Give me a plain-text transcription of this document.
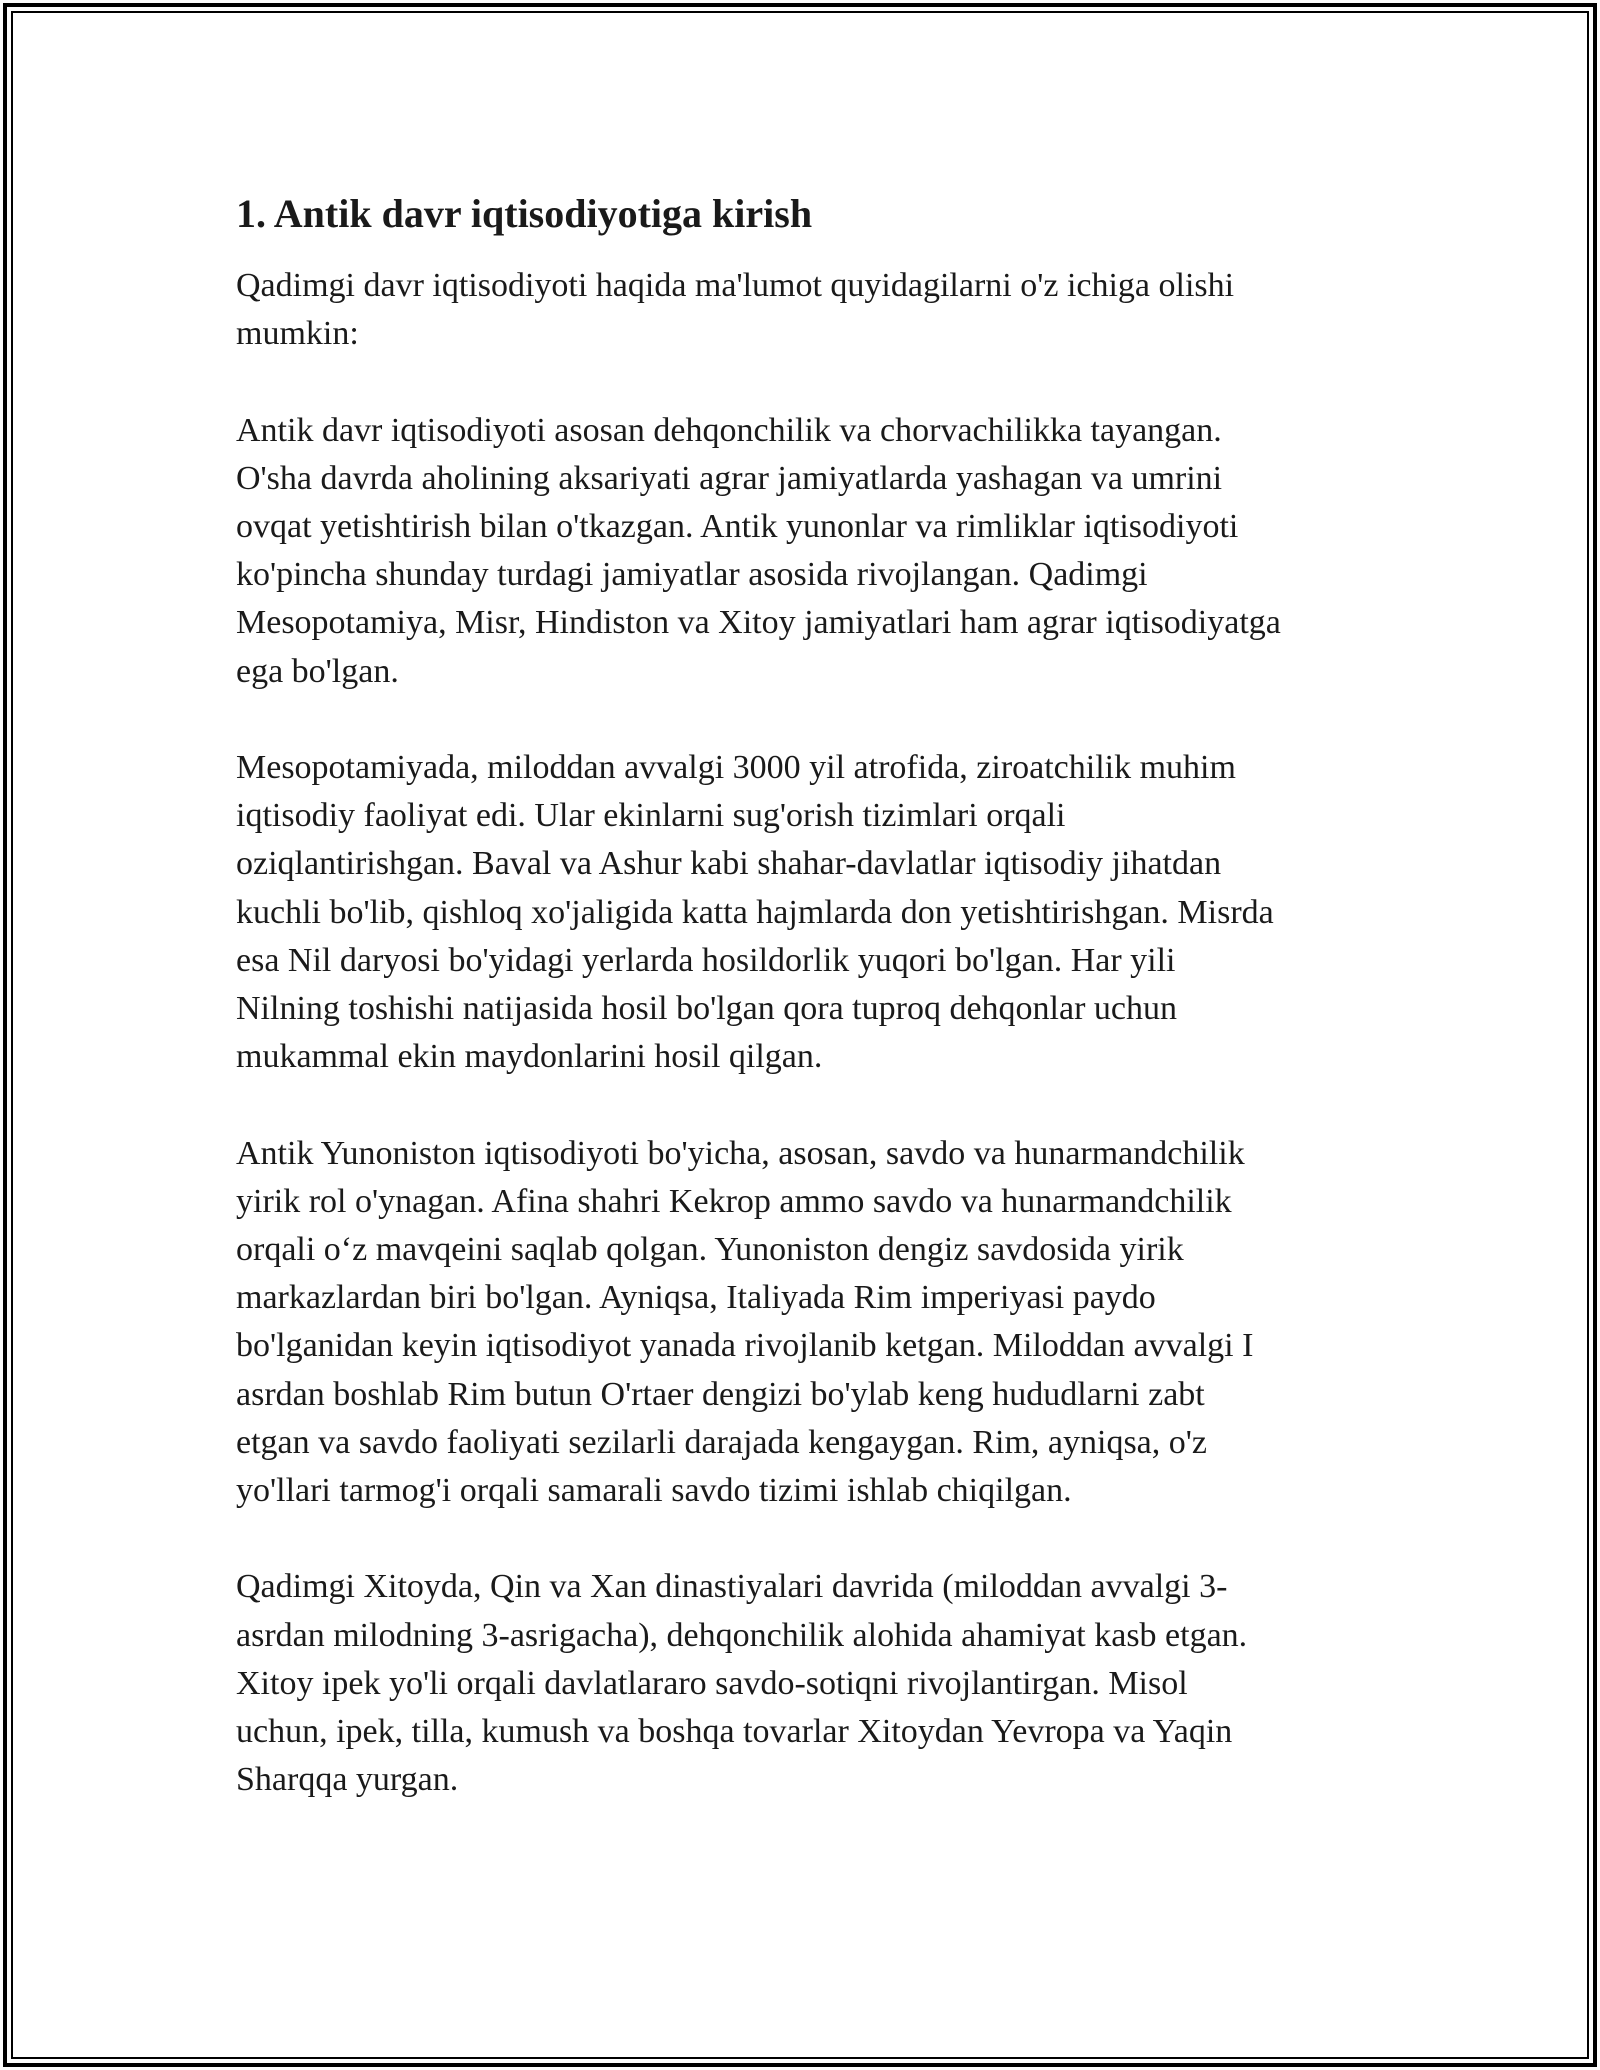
1. Antik davr iqtisodiyotiga kirish
Qadimgi davr iqtisodiyoti haqida ma'lumot quyidagilarni o'z ichiga olishi
mumkin:
Antik davr iqtisodiyoti asosan dehqonchilik va chorvachilikka tayangan.
O'sha davrda aholining aksariyati agrar jamiyatlarda yashagan va umrini
ovqat yetishtirish bilan o'tkazgan. Antik yunonlar va rimliklar iqtisodiyoti
ko'pincha shunday turdagi jamiyatlar asosida rivojlangan. Qadimgi
Mesopotamiya, Misr, Hindiston va Xitoy jamiyatlari ham agrar iqtisodiyatga
ega bo'lgan.
Mesopotamiyada, miloddan avvalgi 3000 yil atrofida, ziroatchilik muhim
iqtisodiy faoliyat edi. Ular ekinlarni sug'orish tizimlari orqali
oziqlantirishgan. Baval va Ashur kabi shahar-davlatlar iqtisodiy jihatdan
kuchli bo'lib, qishloq xo'jaligida katta hajmlarda don yetishtirishgan. Misrda
esa Nil daryosi bo'yidagi yerlarda hosildorlik yuqori bo'lgan. Har yili
Nilning toshishi natijasida hosil bo'lgan qora tuproq dehqonlar uchun
mukammal ekin maydonlarini hosil qilgan.
Antik Yunoniston iqtisodiyoti bo'yicha, asosan, savdo va hunarmandchilik
yirik rol o'ynagan. Afina shahri Kekrop ammo savdo va hunarmandchilik
orqali o‘z mavqeini saqlab qolgan. Yunoniston dengiz savdosida yirik
markazlardan biri bo'lgan. Ayniqsa, Italiyada Rim imperiyasi paydo
bo'lganidan keyin iqtisodiyot yanada rivojlanib ketgan. Miloddan avvalgi I
asrdan boshlab Rim butun O'rtaer dengizi bo'ylab keng hududlarni zabt
etgan va savdo faoliyati sezilarli darajada kengaygan. Rim, ayniqsa, o'z
yo'llari tarmog'i orqali samarali savdo tizimi ishlab chiqilgan.
Qadimgi Xitoyda, Qin va Xan dinastiyalari davrida (miloddan avvalgi 3-
asrdan milodning 3-asrigacha), dehqonchilik alohida ahamiyat kasb etgan.
Xitoy ipek yo'li orqali davlatlararo savdo-sotiqni rivojlantirgan. Misol
uchun, ipek, tilla, kumush va boshqa tovarlar Xitoydan Yevropa va Yaqin
Sharqqa yurgan.
